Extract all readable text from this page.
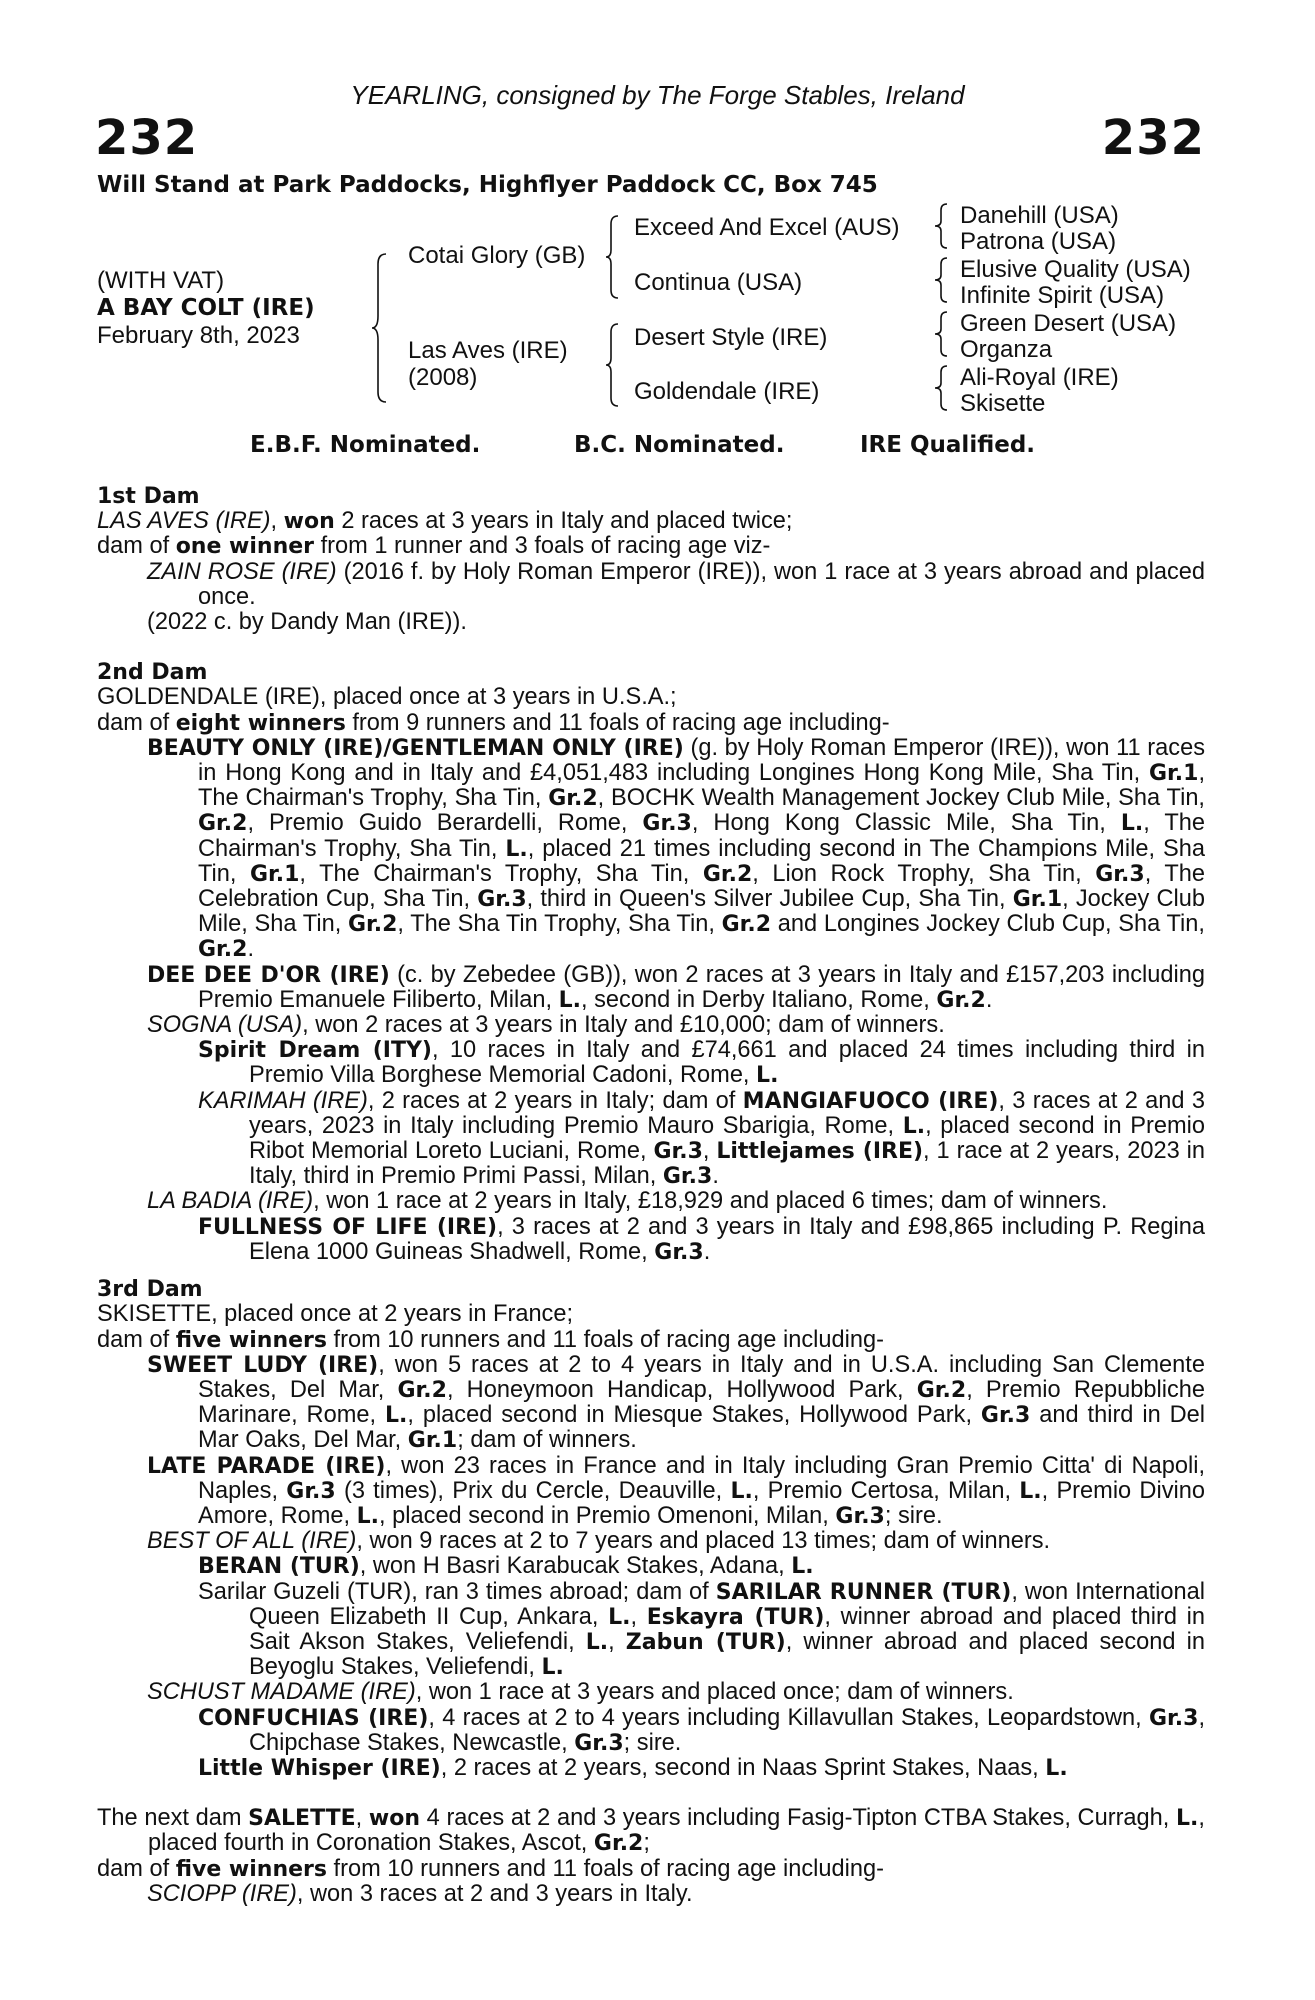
YEARLING, consigned by The Forge Stables, Ireland
232	232
Will Stand at Park Paddocks, Highflyer Paddock CC, Box 745
(WITH VAT)
A BAY COLT (IRE)
February 8th, 2023
Cotai Glory (GB)
Las Aves (IRE)
(2008)
Exceed And Excel (AUS)
Continua (USA)
Desert Style (IRE)
Goldendale (IRE)
Danehill (USA)
Patrona (USA)
Elusive Quality (USA)
Infinite Spirit (USA)
Green Desert (USA)
Organza
Ali-Royal (IRE)
Skisette
E.B.F. Nominated.	B.C. Nominated.	IRE Qualified.

1st Dam

LAS AVES (IRE), won 2 races at 3 years in Italy and placed twice;

dam of one winner from 1 runner and 3 foals of racing age viz-

ZAIN ROSE (IRE) (2016 f. by Holy Roman Emperor (IRE)), won 1 race at 3 years abroad and placed once.

(2022 c. by Dandy Man (IRE)).

2nd Dam

GOLDENDALE (IRE), placed once at 3 years in U.S.A.;

dam of eight winners from 9 runners and 11 foals of racing age including-

BEAUTY ONLY (IRE)/GENTLEMAN ONLY (IRE) (g. by Holy Roman Emperor (IRE)), won 11 races in Hong Kong and in Italy and £4,051,483 including Longines Hong Kong Mile, Sha Tin, Gr.1, The Chairman's Trophy, Sha Tin, Gr.2, BOCHK Wealth Management Jockey Club Mile, Sha Tin, Gr.2, Premio Guido Berardelli, Rome, Gr.3, Hong Kong Classic Mile, Sha Tin, L., The Chairman's Trophy, Sha Tin, L., placed 21 times including second in The Champions Mile, Sha Tin, Gr.1, The Chairman's Trophy, Sha Tin, Gr.2, Lion Rock Trophy, Sha Tin, Gr.3, The Celebration Cup, Sha Tin, Gr.3, third in Queen's Silver Jubilee Cup, Sha Tin, Gr.1, Jockey Club Mile, Sha Tin, Gr.2, The Sha Tin Trophy, Sha Tin, Gr.2 and Longines Jockey Club Cup, Sha Tin, Gr.2.

DEE DEE D'OR (IRE) (c. by Zebedee (GB)), won 2 races at 3 years in Italy and £157,203 including Premio Emanuele Filiberto, Milan, L., second in Derby Italiano, Rome, Gr.2.

SOGNA (USA), won 2 races at 3 years in Italy and £10,000; dam of winners.

Spirit Dream (ITY), 10 races in Italy and £74,661 and placed 24 times including third in Premio Villa Borghese Memorial Cadoni, Rome, L.

KARIMAH (IRE), 2 races at 2 years in Italy; dam of MANGIAFUOCO (IRE), 3 races at 2 and 3 years, 2023 in Italy including Premio Mauro Sbarigia, Rome, L., placed second in Premio Ribot Memorial Loreto Luciani, Rome, Gr.3, Littlejames (IRE), 1 race at 2 years, 2023 in Italy, third in Premio Primi Passi, Milan, Gr.3.

LA BADIA (IRE), won 1 race at 2 years in Italy, £18,929 and placed 6 times; dam of winners.

FULLNESS OF LIFE (IRE), 3 races at 2 and 3 years in Italy and £98,865 including P. Regina Elena 1000 Guineas Shadwell, Rome, Gr.3.

3rd Dam

SKISETTE, placed once at 2 years in France;

dam of five winners from 10 runners and 11 foals of racing age including-

SWEET LUDY (IRE), won 5 races at 2 to 4 years in Italy and in U.S.A. including San Clemente Stakes, Del Mar, Gr.2, Honeymoon Handicap, Hollywood Park, Gr.2, Premio Repubbliche Marinare, Rome, L., placed second in Miesque Stakes, Hollywood Park, Gr.3 and third in Del Mar Oaks, Del Mar, Gr.1; dam of winners.

LATE PARADE (IRE), won 23 races in France and in Italy including Gran Premio Citta' di Napoli, Naples, Gr.3 (3 times), Prix du Cercle, Deauville, L., Premio Certosa, Milan, L., Premio Divino Amore, Rome, L., placed second in Premio Omenoni, Milan, Gr.3; sire.

BEST OF ALL (IRE), won 9 races at 2 to 7 years and placed 13 times; dam of winners.

BERAN (TUR), won H Basri Karabucak Stakes, Adana, L.

Sarilar Guzeli (TUR), ran 3 times abroad; dam of SARILAR RUNNER (TUR), won International Queen Elizabeth II Cup, Ankara, L., Eskayra (TUR), winner abroad and placed third in Sait Akson Stakes, Veliefendi, L., Zabun (TUR), winner abroad and placed second in Beyoglu Stakes, Veliefendi, L.

SCHUST MADAME (IRE), won 1 race at 3 years and placed once; dam of winners.

CONFUCHIAS (IRE), 4 races at 2 to 4 years including Killavullan Stakes, Leopardstown, Gr.3, Chipchase Stakes, Newcastle, Gr.3; sire.

Little Whisper (IRE), 2 races at 2 years, second in Naas Sprint Stakes, Naas, L.

The next dam SALETTE, won 4 races at 2 and 3 years including Fasig-Tipton CTBA Stakes, Curragh, L., placed fourth in Coronation Stakes, Ascot, Gr.2;

dam of five winners from 10 runners and 11 foals of racing age including-

SCIOPP (IRE), won 3 races at 2 and 3 years in Italy.
